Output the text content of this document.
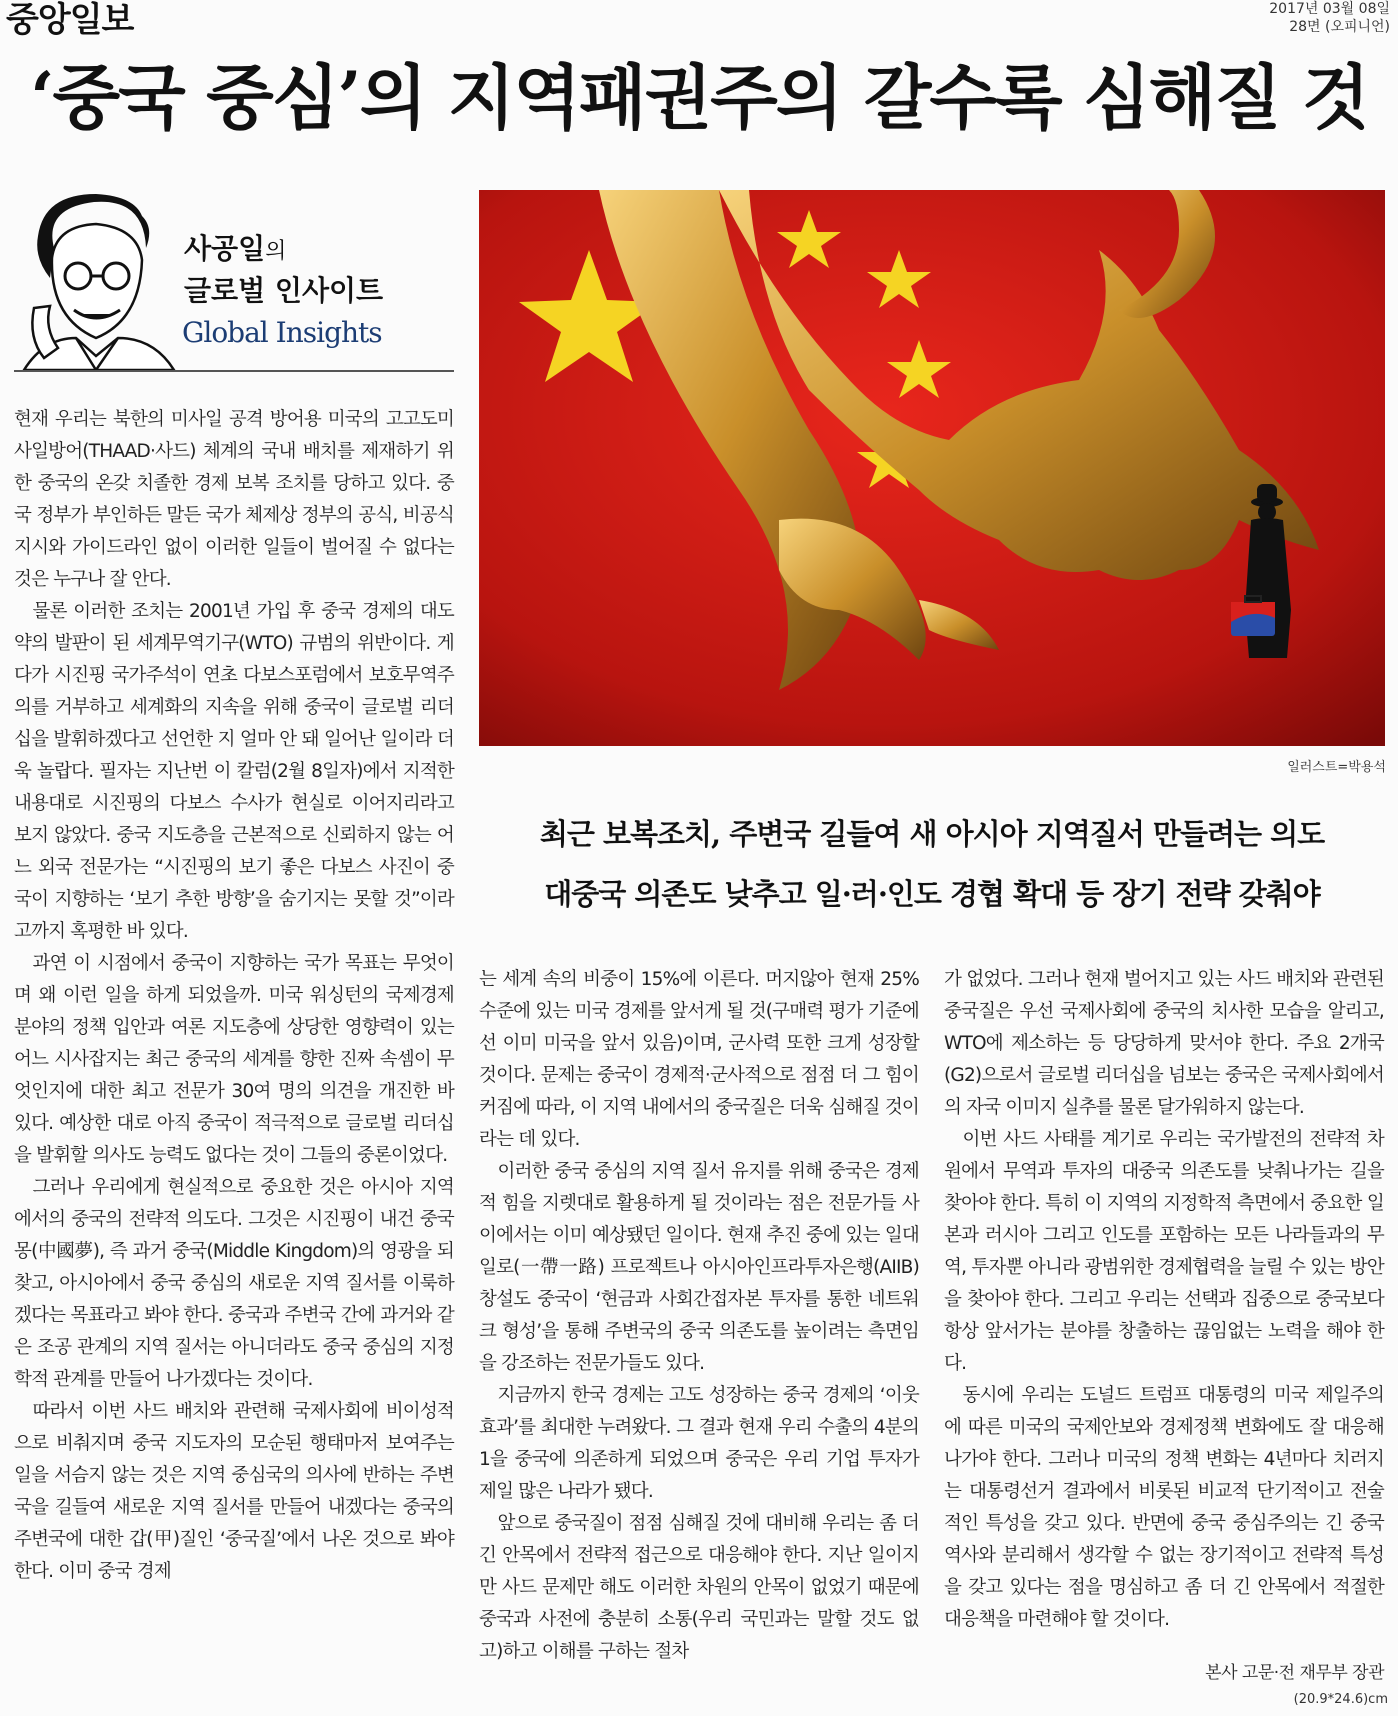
중앙일보	2017년 03월 08일
28면 (오피니언)
‘중국 중심’의 지역패권주의 갈수록 심해질 것
사공일의
글로벌 인사이트
Global Insights
일러스트=박용석
최근 보복조치, 주변국 길들여 새 아시아 지역질서 만들려는 의도
대중국 의존도 낮추고 일·러·인도 경협 확대 등 장기 전략 갖춰야

현재 우리는 북한의 미사일 공격 방어용 미국의 고고도미사일방어(THAAD·사드) 체계의 국내 배치를 제재하기 위한 중국의 온갖 치졸한 경제 보복 조치를 당하고 있다. 중국 정부가 부인하든 말든 국가 체제상 정부의 공식, 비공식 지시와 가이드라인 없이 이러한 일들이 벌어질 수 없다는 것은 누구나 잘 안다.

물론 이러한 조치는 2001년 가입 후 중국 경제의 대도약의 발판이 된 세계무역기구(WTO) 규범의 위반이다. 게다가 시진핑 국가주석이 연초 다보스포럼에서 보호무역주의를 거부하고 세계화의 지속을 위해 중국이 글로벌 리더십을 발휘하겠다고 선언한 지 얼마 안 돼 일어난 일이라 더욱 놀랍다. 필자는 지난번 이 칼럼(2월 8일자)에서 지적한 내용대로 시진핑의 다보스 수사가 현실로 이어지리라고 보지 않았다. 중국 지도층을 근본적으로 신뢰하지 않는 어느 외국 전문가는 “시진핑의 보기 좋은 다보스 사진이 중국이 지향하는 ‘보기 추한 방향’을 숨기지는 못할 것”이라고까지 혹평한 바 있다.

과연 이 시점에서 중국이 지향하는 국가 목표는 무엇이며 왜 이런 일을 하게 되었을까. 미국 워싱턴의 국제경제 분야의 정책 입안과 여론 지도층에 상당한 영향력이 있는 어느 시사잡지는 최근 중국의 세계를 향한 진짜 속셈이 무엇인지에 대한 최고 전문가 30여 명의 의견을 개진한 바 있다. 예상한 대로 아직 중국이 적극적으로 글로벌 리더십을 발휘할 의사도 능력도 없다는 것이 그들의 중론이었다.

그러나 우리에게 현실적으로 중요한 것은 아시아 지역에서의 중국의 전략적 의도다. 그것은 시진핑이 내건 중국몽(中國夢), 즉 과거 중국(Middle Kingdom)의 영광을 되찾고, 아시아에서 중국 중심의 새로운 지역 질서를 이룩하겠다는 목표라고 봐야 한다. 중국과 주변국 간에 과거와 같은 조공 관계의 지역 질서는 아니더라도 중국 중심의 지정학적 관계를 만들어 나가겠다는 것이다.

따라서 이번 사드 배치와 관련해 국제사회에 비이성적으로 비춰지며 중국 지도자의 모순된 행태마저 보여주는 일을 서슴지 않는 것은 지역 중심국의 의사에 반하는 주변국을 길들여 새로운 지역 질서를 만들어 내겠다는 중국의 주변국에 대한 갑(甲)질인 ‘중국질’에서 나온 것으로 봐야 한다. 이미 중국 경제

는 세계 속의 비중이 15%에 이른다. 머지않아 현재 25% 수준에 있는 미국 경제를 앞서게 될 것(구매력 평가 기준에선 이미 미국을 앞서 있음)이며, 군사력 또한 크게 성장할 것이다. 문제는 중국이 경제적·군사적으로 점점 더 그 힘이 커짐에 따라, 이 지역 내에서의 중국질은 더욱 심해질 것이라는 데 있다.

이러한 중국 중심의 지역 질서 유지를 위해 중국은 경제적 힘을 지렛대로 활용하게 될 것이라는 점은 전문가들 사이에서는 이미 예상됐던 일이다. 현재 추진 중에 있는 일대일로(一帶一路) 프로젝트나 아시아인프라투자은행(AIIB) 창설도 중국이 ‘현금과 사회간접자본 투자를 통한 네트워크 형성’을 통해 주변국의 중국 의존도를 높이려는 측면임을 강조하는 전문가들도 있다.

지금까지 한국 경제는 고도 성장하는 중국 경제의 ‘이웃효과’를 최대한 누려왔다. 그 결과 현재 우리 수출의 4분의 1을 중국에 의존하게 되었으며 중국은 우리 기업 투자가 제일 많은 나라가 됐다.

앞으로 중국질이 점점 심해질 것에 대비해 우리는 좀 더 긴 안목에서 전략적 접근으로 대응해야 한다. 지난 일이지만 사드 문제만 해도 이러한 차원의 안목이 없었기 때문에 중국과 사전에 충분히 소통(우리 국민과는 말할 것도 없고)하고 이해를 구하는 절차

가 없었다. 그러나 현재 벌어지고 있는 사드 배치와 관련된 중국질은 우선 국제사회에 중국의 치사한 모습을 알리고, WTO에 제소하는 등 당당하게 맞서야 한다. 주요 2개국(G2)으로서 글로벌 리더십을 넘보는 중국은 국제사회에서의 자국 이미지 실추를 물론 달가워하지 않는다.

이번 사드 사태를 계기로 우리는 국가발전의 전략적 차원에서 무역과 투자의 대중국 의존도를 낮춰나가는 길을 찾아야 한다. 특히 이 지역의 지정학적 측면에서 중요한 일본과 러시아 그리고 인도를 포함하는 모든 나라들과의 무역, 투자뿐 아니라 광범위한 경제협력을 늘릴 수 있는 방안을 찾아야 한다. 그리고 우리는 선택과 집중으로 중국보다 항상 앞서가는 분야를 창출하는 끊임없는 노력을 해야 한다.

동시에 우리는 도널드 트럼프 대통령의 미국 제일주의에 따른 미국의 국제안보와 경제정책 변화에도 잘 대응해 나가야 한다. 그러나 미국의 정책 변화는 4년마다 치러지는 대통령선거 결과에서 비롯된 비교적 단기적이고 전술적인 특성을 갖고 있다. 반면에 중국 중심주의는 긴 중국 역사와 분리해서 생각할 수 없는 장기적이고 전략적 특성을 갖고 있다는 점을 명심하고 좀 더 긴 안목에서 적절한 대응책을 마련해야 할 것이다.

본사 고문·전 재무부 장관
(20.9*24.6)cm
